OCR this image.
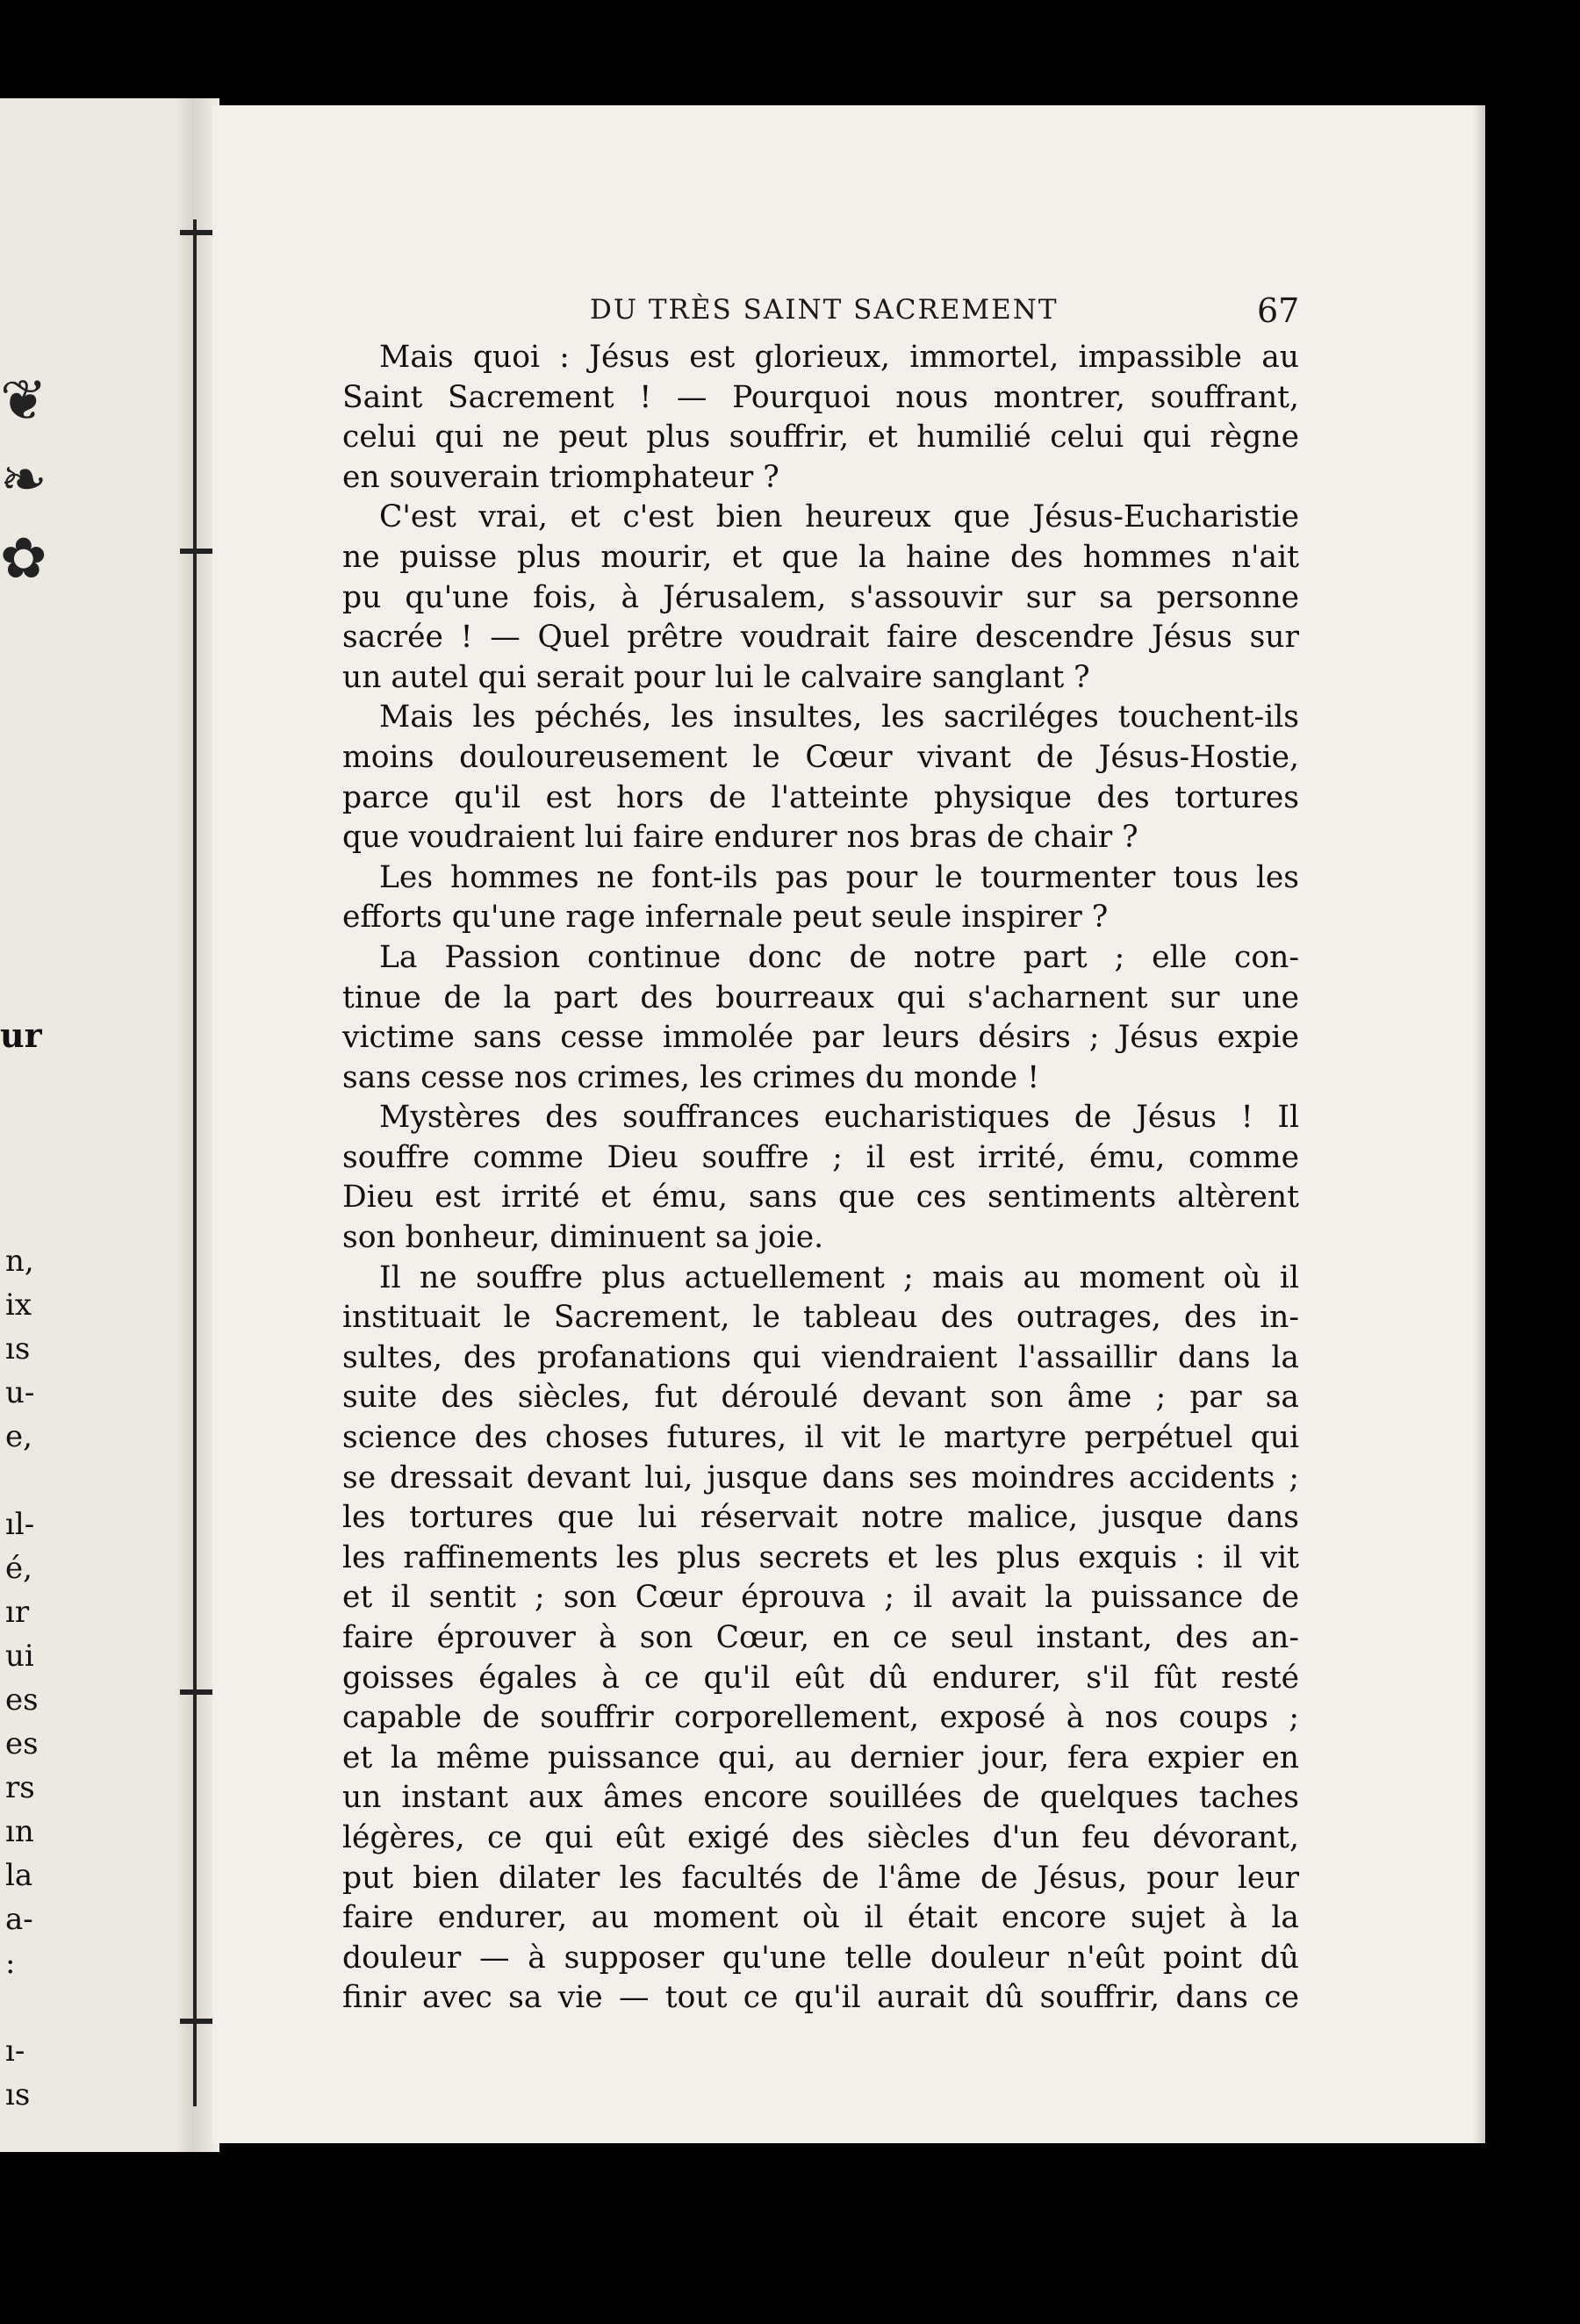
❦
❧
✿
ur
n,
ix
ıs
u-
e,
ıl-
é,
ır
ui
es
es
rs
ın
la
a-
:
ı-
ıs
DU TRÈS SAINT SACREMENT	67
Mais quoi : Jésus est glorieux, immortel, impassible au
Saint Sacrement ! — Pourquoi nous montrer, souffrant,
celui qui ne peut plus souffrir, et humilié celui qui règne
en souverain triomphateur ?
C'est vrai, et c'est bien heureux que Jésus-Eucharistie
ne puisse plus mourir, et que la haine des hommes n'ait
pu qu'une fois, à Jérusalem, s'assouvir sur sa personne
sacrée ! — Quel prêtre voudrait faire descendre Jésus sur
un autel qui serait pour lui le calvaire sanglant ?
Mais les péchés, les insultes, les sacriléges touchent-ils
moins douloureusement le Cœur vivant de Jésus-Hostie,
parce qu'il est hors de l'atteinte physique des tortures
que voudraient lui faire endurer nos bras de chair ?
Les hommes ne font-ils pas pour le tourmenter tous les
efforts qu'une rage infernale peut seule inspirer ?
La Passion continue donc de notre part ; elle con-
tinue de la part des bourreaux qui s'acharnent sur une
victime sans cesse immolée par leurs désirs ; Jésus expie
sans cesse nos crimes, les crimes du monde !
Mystères des souffrances eucharistiques de Jésus ! Il
souffre comme Dieu souffre ; il est irrité, ému, comme
Dieu est irrité et ému, sans que ces sentiments altèrent
son bonheur, diminuent sa joie.
Il ne souffre plus actuellement ; mais au moment où il
instituait le Sacrement, le tableau des outrages, des in-
sultes, des profanations qui viendraient l'assaillir dans la
suite des siècles, fut déroulé devant son âme ; par sa
science des choses futures, il vit le martyre perpétuel qui
se dressait devant lui, jusque dans ses moindres accidents ;
les tortures que lui réservait notre malice, jusque dans
les raffinements les plus secrets et les plus exquis : il vit
et il sentit ; son Cœur éprouva ; il avait la puissance de
faire éprouver à son Cœur, en ce seul instant, des an-
goisses égales à ce qu'il eût dû endurer, s'il fût resté
capable de souffrir corporellement, exposé à nos coups ;
et la même puissance qui, au dernier jour, fera expier en
un instant aux âmes encore souillées de quelques taches
légères, ce qui eût exigé des siècles d'un feu dévorant,
put bien dilater les facultés de l'âme de Jésus, pour leur
faire endurer, au moment où il était encore sujet à la
douleur — à supposer qu'une telle douleur n'eût point dû
finir avec sa vie — tout ce qu'il aurait dû souffrir, dans ce
